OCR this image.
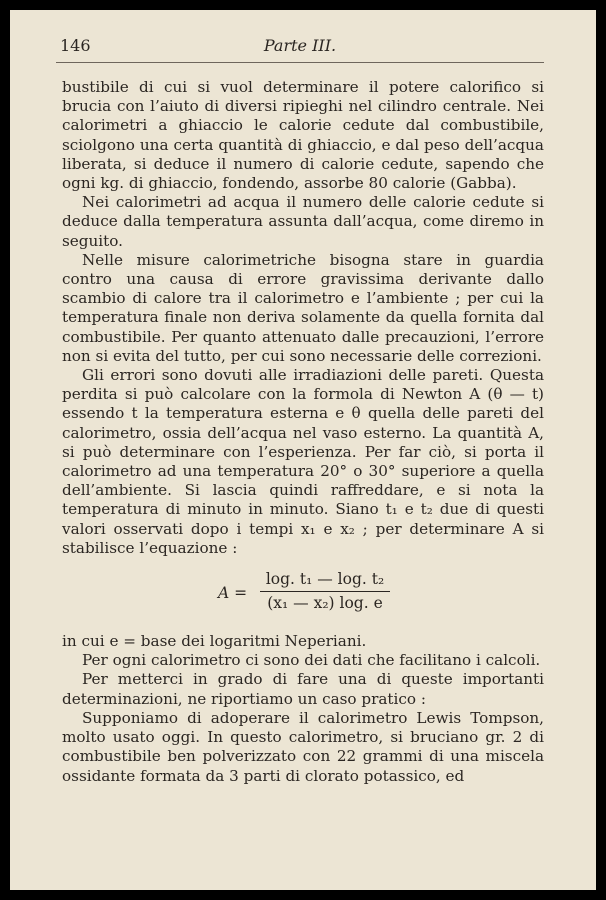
146	Parte III.

bustibile di cui si vuol determinare il potere calorifico si brucia con l’aiuto di diversi ripieghi nel cilindro centrale. Nei calorimetri a ghiaccio le calorie cedute dal combustibile, sciolgono una certa quantità di ghiaccio, e dal peso dell’acqua liberata, si deduce il numero di calorie cedute, sapendo che ogni kg. di ghiaccio, fondendo, assorbe 80 calorie (Gabba).

Nei calorimetri ad acqua il numero delle calorie cedute si deduce dalla temperatura assunta dall’acqua, come diremo in seguito.

Nelle misure calorimetriche bisogna stare in guardia contro una causa di errore gravissima derivante dallo scambio di calore tra il calorimetro e l’ambiente ; per cui la temperatura finale non deriva solamente da quella fornita dal combustibile. Per quanto attenuato dalle precauzioni, l’errore non si evita del tutto, per cui sono necessarie delle correzioni.

Gli errori sono dovuti alle irradiazioni delle pareti. Questa perdita si può calcolare con la formola di Newton A (θ — t) essendo t la temperatura esterna e θ quella delle pareti del calorimetro, ossia dell’acqua nel vaso esterno. La quantità A, si può determinare con l’esperienza. Per far ciò, si porta il calorimetro ad una temperatura 20° o 30° superiore a quella dell’ambiente. Si lascia quindi raffreddare, e si nota la temperatura di minuto in minuto. Siano t₁ e t₂ due di questi valori osservati dopo i tempi x₁ e x₂ ; per determinare A si stabilisce l’equazione :

A =
log. t₁ — log. t₂
(x₁ — x₂) log. e

in cui e = base dei logaritmi Neperiani.

Per ogni calorimetro ci sono dei dati che facilitano i calcoli.

Per metterci in grado di fare una di queste importanti determinazioni, ne riportiamo un caso pratico :

Supponiamo di adoperare il calorimetro Lewis Tompson, molto usato oggi. In questo calorimetro, si bruciano gr. 2 di combustibile ben polverizzato con 22 grammi di una miscela ossidante formata da 3 parti di clorato potassico, ed
